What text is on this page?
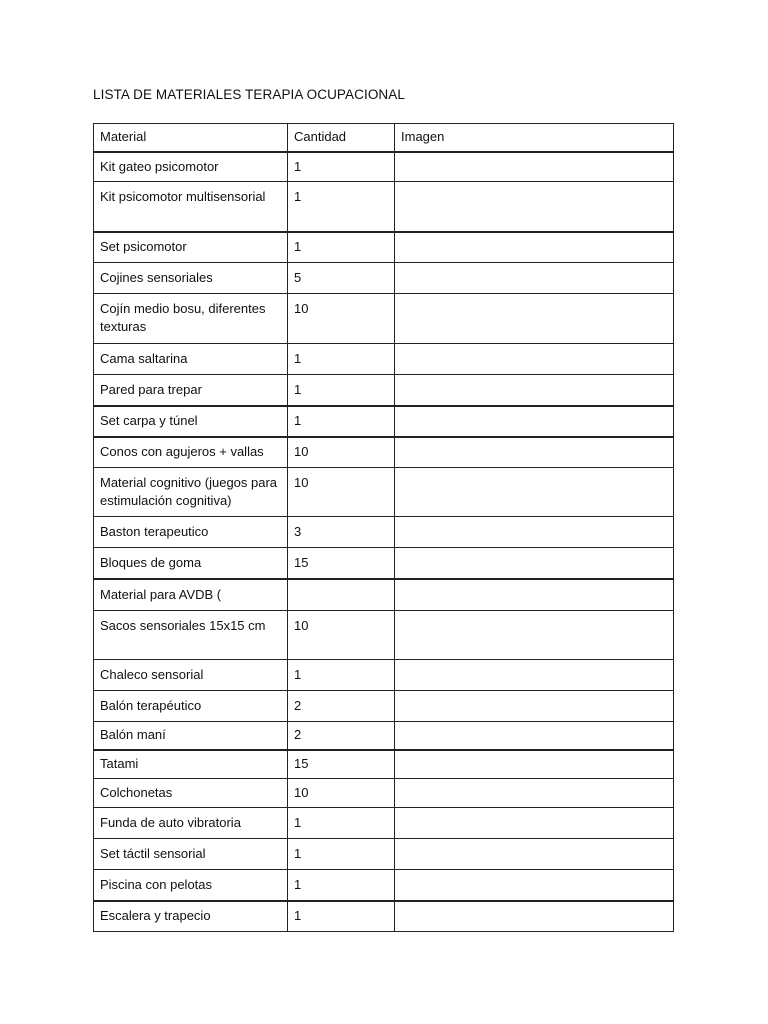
LISTA DE MATERIALES TERAPIA OCUPACIONAL
Material	Cantidad	Imagen
Kit gateo psicomotor	1	
Kit psicomotor multisensorial	1	
Set psicomotor	1	
Cojines sensoriales	5	
Cojín medio bosu, diferentes texturas	10	
Cama saltarina	1	
Pared para trepar	1	
Set carpa y túnel	1	
Conos con agujeros + vallas	10	
Material cognitivo (juegos para estimulación cognitiva)	10	
Baston terapeutico	3	
Bloques de goma	15	
Material para AVDB (		
Sacos sensoriales 15x15 cm	10	
Chaleco sensorial	1	
Balón terapéutico	2	
Balón maní	2	
Tatami	15	
Colchonetas	10	
Funda de auto vibratoria	1	
Set táctil sensorial	1	
Piscina con pelotas	1	
Escalera y trapecio	1	
